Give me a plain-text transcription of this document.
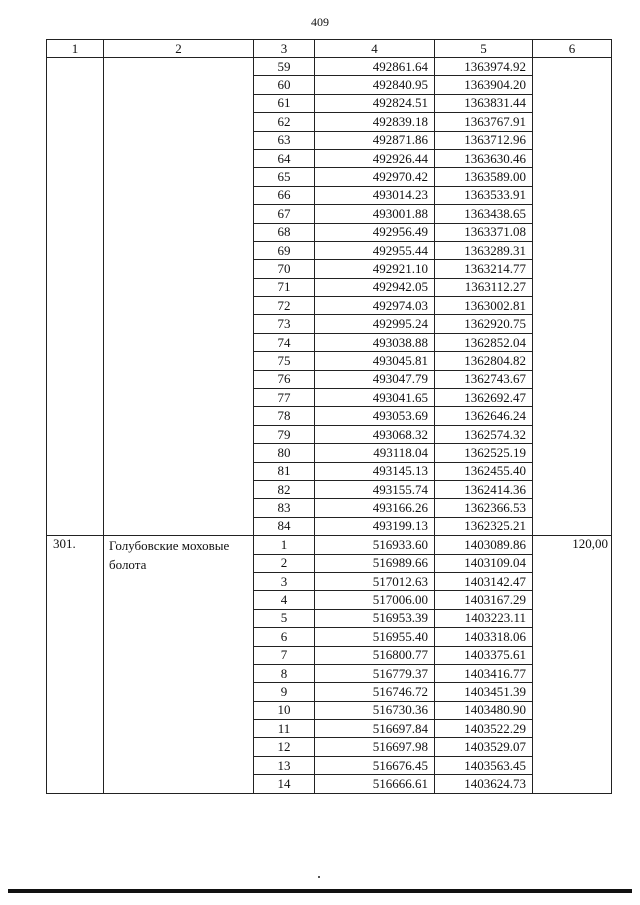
409
1	2	3	4	5	6
		59	492861.64	1363974.92	
		60	492840.95	1363904.20	
		61	492824.51	1363831.44	
		62	492839.18	1363767.91	
		63	492871.86	1363712.96	
		64	492926.44	1363630.46	
		65	492970.42	1363589.00	
		66	493014.23	1363533.91	
		67	493001.88	1363438.65	
		68	492956.49	1363371.08	
		69	492955.44	1363289.31	
		70	492921.10	1363214.77	
		71	492942.05	1363112.27	
		72	492974.03	1363002.81	
		73	492995.24	1362920.75	
		74	493038.88	1362852.04	
		75	493045.81	1362804.82	
		76	493047.79	1362743.67	
		77	493041.65	1362692.47	
		78	493053.69	1362646.24	
		79	493068.32	1362574.32	
		80	493118.04	1362525.19	
		81	493145.13	1362455.40	
		82	493155.74	1362414.36	
		83	493166.26	1362366.53	
		84	493199.13	1362325.21	
301.	Голубовские моховые болота	1	516933.60	1403089.86	120,00
		2	516989.66	1403109.04	
		3	517012.63	1403142.47	
		4	517006.00	1403167.29	
		5	516953.39	1403223.11	
		6	516955.40	1403318.06	
		7	516800.77	1403375.61	
		8	516779.37	1403416.77	
		9	516746.72	1403451.39	
		10	516730.36	1403480.90	
		11	516697.84	1403522.29	
		12	516697.98	1403529.07	
		13	516676.45	1403563.45	
		14	516666.61	1403624.73	
